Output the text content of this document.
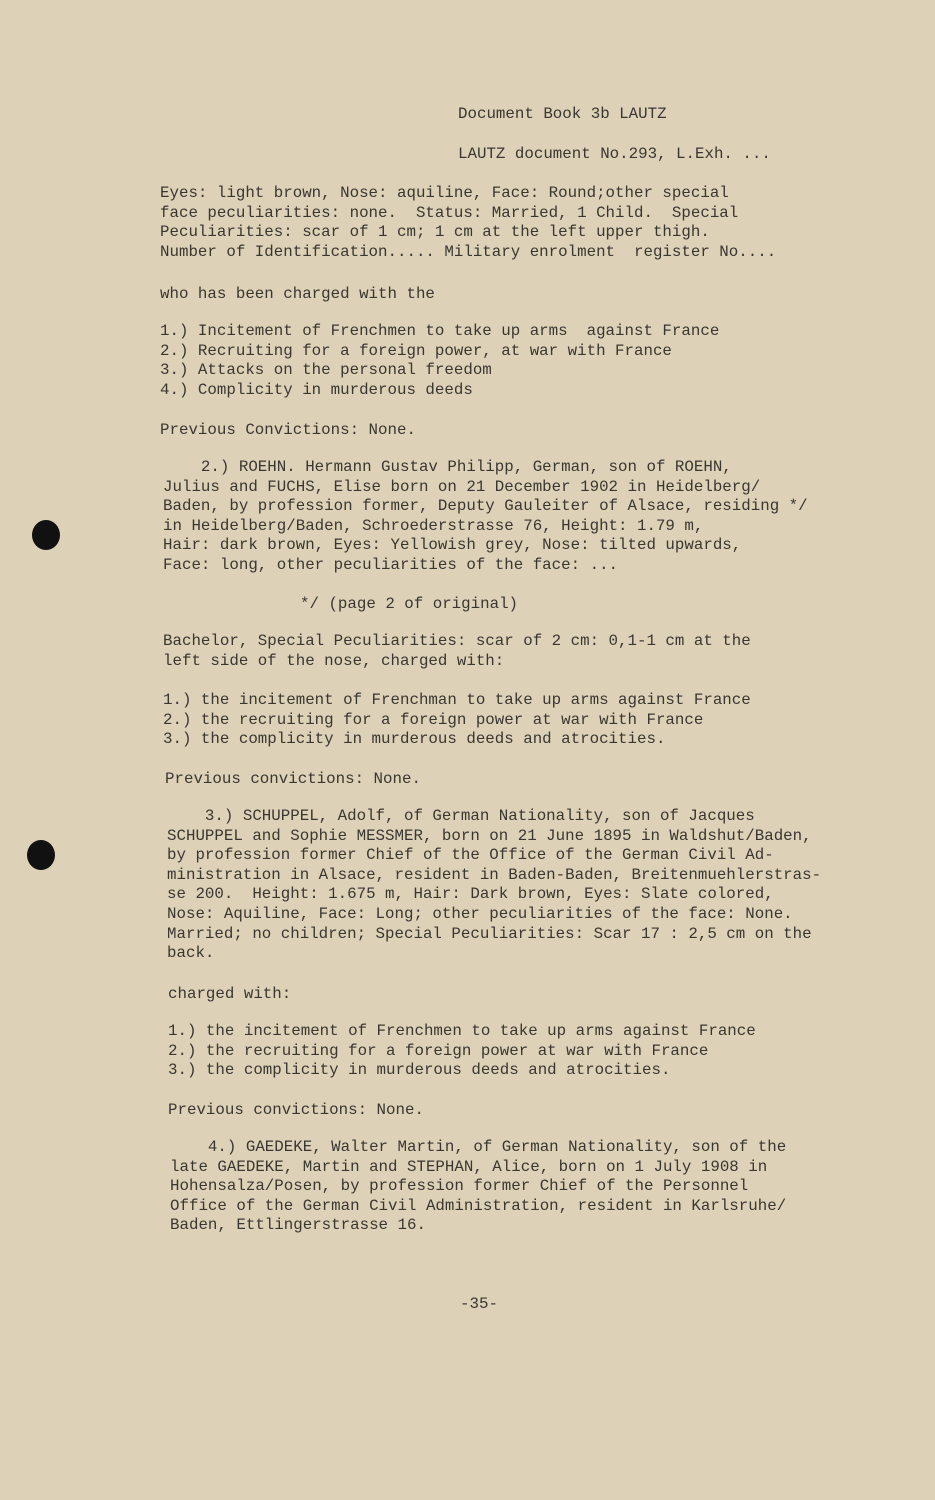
Document Book 3b LAUTZ
LAUTZ document No.293, L.Exh. ...
Eyes: light brown, Nose: aquiline, Face: Round;other special
face peculiarities: none.  Status: Married, 1 Child.  Special
Peculiarities: scar of 1 cm; 1 cm at the left upper thigh.
Number of Identification..... Military enrolment  register No....
who has been charged with the
1.) Incitement of Frenchmen to take up arms  against France
2.) Recruiting for a foreign power, at war with France
3.) Attacks on the personal freedom
4.) Complicity in murderous deeds
Previous Convictions: None.
2.) ROEHN. Hermann Gustav Philipp, German, son of ROEHN,
Julius and FUCHS, Elise born on 21 December 1902 in Heidelberg/
Baden, by profession former, Deputy Gauleiter of Alsace, residing */
in Heidelberg/Baden, Schroederstrasse 76, Height: 1.79 m,
Hair: dark brown, Eyes: Yellowish grey, Nose: tilted upwards,
Face: long, other peculiarities of the face: ...
*/ (page 2 of original)
Bachelor, Special Peculiarities: scar of 2 cm: 0,1-1 cm at the
left side of the nose, charged with:
1.) the incitement of Frenchman to take up arms against France
2.) the recruiting for a foreign power at war with France
3.) the complicity in murderous deeds and atrocities.
Previous convictions: None.
3.) SCHUPPEL, Adolf, of German Nationality, son of Jacques
SCHUPPEL and Sophie MESSMER, born on 21 June 1895 in Waldshut/Baden,
by profession former Chief of the Office of the German Civil Ad-
ministration in Alsace, resident in Baden-Baden, Breitenmuehlerstras-
se 200.  Height: 1.675 m, Hair: Dark brown, Eyes: Slate colored,
Nose: Aquiline, Face: Long; other peculiarities of the face: None.
Married; no children; Special Peculiarities: Scar 17 : 2,5 cm on the
back.
charged with:
1.) the incitement of Frenchmen to take up arms against France
2.) the recruiting for a foreign power at war with France
3.) the complicity in murderous deeds and atrocities.
Previous convictions: None.
4.) GAEDEKE, Walter Martin, of German Nationality, son of the
late GAEDEKE, Martin and STEPHAN, Alice, born on 1 July 1908 in
Hohensalza/Posen, by profession former Chief of the Personnel
Office of the German Civil Administration, resident in Karlsruhe/
Baden, Ettlingerstrasse 16.
-35-
